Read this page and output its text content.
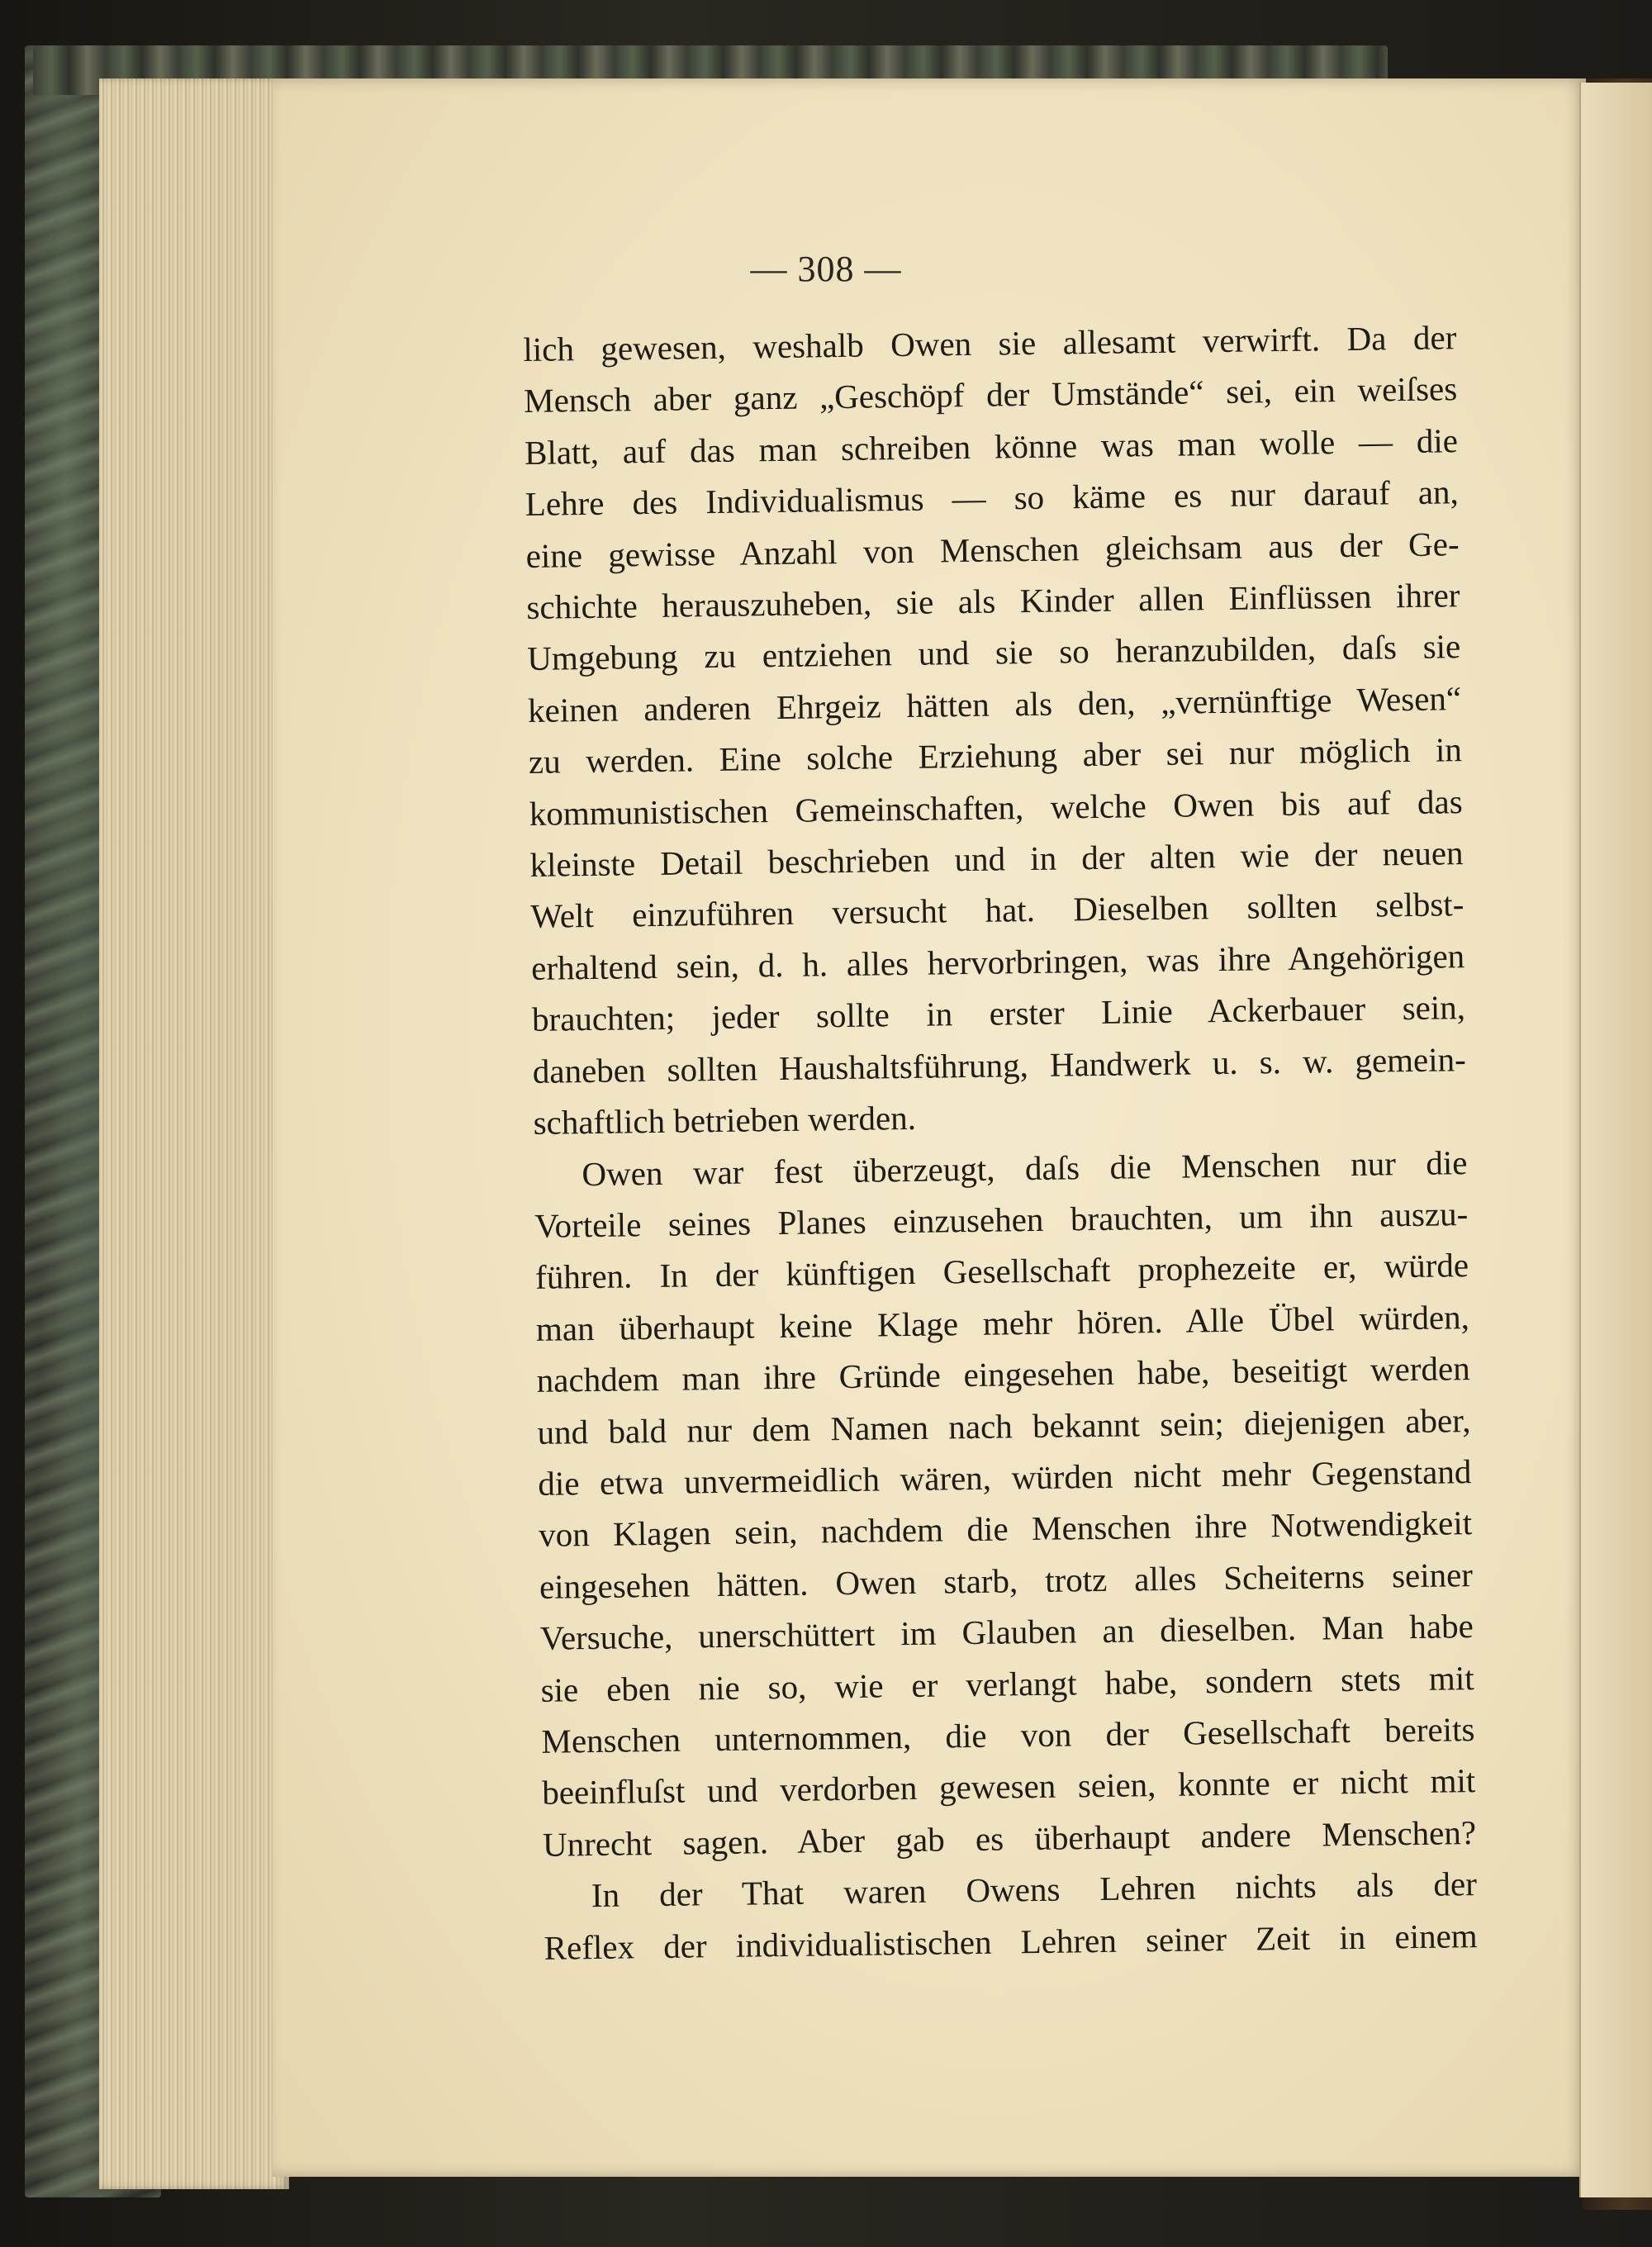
— 308 —
lich gewesen, weshalb Owen sie allesamt verwirft. Da der
Mensch aber ganz „Geschöpf der Umstände“ sei, ein weiſses
Blatt, auf das man schreiben könne was man wolle — die
Lehre des Individualismus — so käme es nur darauf an,
eine gewisse Anzahl von Menschen gleichsam aus der Ge-
schichte herauszuheben, sie als Kinder allen Einflüssen ihrer
Umgebung zu entziehen und sie so heranzubilden, daſs sie
keinen anderen Ehrgeiz hätten als den, „vernünftige Wesen“
zu werden. Eine solche Erziehung aber sei nur möglich in
kommunistischen Gemeinschaften, welche Owen bis auf das
kleinste Detail beschrieben und in der alten wie der neuen
Welt einzuführen versucht hat. Dieselben sollten selbst-
erhaltend sein, d. h. alles hervorbringen, was ihre Angehörigen
brauchten; jeder sollte in erster Linie Ackerbauer sein,
daneben sollten Haushaltsführung, Handwerk u. s. w. gemein-
schaftlich betrieben werden.
Owen war fest überzeugt, daſs die Menschen nur die
Vorteile seines Planes einzusehen brauchten, um ihn auszu-
führen. In der künftigen Gesellschaft prophezeite er, würde
man überhaupt keine Klage mehr hören. Alle Übel würden,
nachdem man ihre Gründe eingesehen habe, beseitigt werden
und bald nur dem Namen nach bekannt sein; diejenigen aber,
die etwa unvermeidlich wären, würden nicht mehr Gegenstand
von Klagen sein, nachdem die Menschen ihre Notwendigkeit
eingesehen hätten. Owen starb, trotz alles Scheiterns seiner
Versuche, unerschüttert im Glauben an dieselben. Man habe
sie eben nie so, wie er verlangt habe, sondern stets mit
Menschen unternommen, die von der Gesellschaft bereits
beeinfluſst und verdorben gewesen seien, konnte er nicht mit
Unrecht sagen. Aber gab es überhaupt andere Menschen?
In der That waren Owens Lehren nichts als der
Reflex der individualistischen Lehren seiner Zeit in einem
